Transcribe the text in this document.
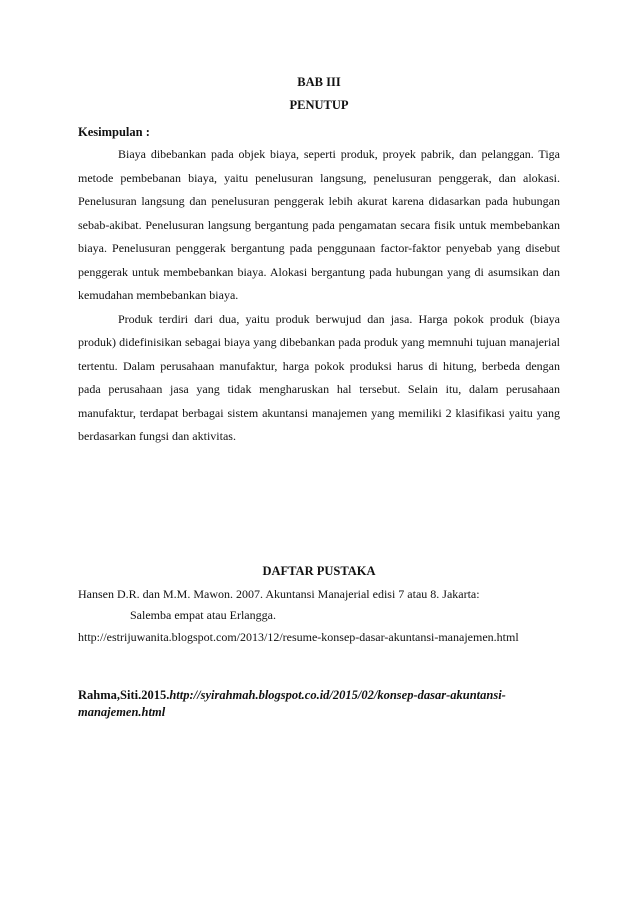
BAB III
PENUTUP
Kesimpulan :

Biaya dibebankan pada objek biaya, seperti produk, proyek pabrik, dan pelanggan. Tiga metode pembebanan biaya, yaitu penelusuran langsung, penelusuran penggerak, dan alokasi. Penelusuran langsung dan penelusuran penggerak lebih akurat karena didasarkan pada hubungan sebab-akibat. Penelusuran langsung bergantung pada pengamatan secara fisik untuk membebankan biaya. Penelusuran penggerak bergantung pada penggunaan factor-faktor penyebab yang disebut penggerak untuk membebankan biaya. Alokasi bergantung pada hubungan yang di asumsikan dan kemudahan membebankan biaya.

Produk terdiri dari dua, yaitu produk berwujud dan jasa. Harga pokok produk (biaya produk) didefinisikan sebagai biaya yang dibebankan pada produk yang memnuhi tujuan manajerial tertentu. Dalam perusahaan manufaktur, harga pokok produksi harus di hitung, berbeda dengan pada perusahaan jasa yang tidak mengharuskan hal tersebut. Selain itu, dalam perusahaan manufaktur, terdapat berbagai sistem akuntansi manajemen yang memiliki 2 klasifikasi yaitu yang berdasarkan fungsi dan aktivitas.

DAFTAR PUSTAKA
Hansen D.R. dan M.M. Mawon. 2007. Akuntansi Manajerial edisi 7 atau 8. Jakarta:
Salemba empat atau Erlangga.
http://estrijuwanita.blogspot.com/2013/12/resume-konsep-dasar-akuntansi-manajemen.html
Rahma,Siti.2015.http://syirahmah.blogspot.co.id/2015/02/konsep-dasar-akuntansi-manajemen.html
